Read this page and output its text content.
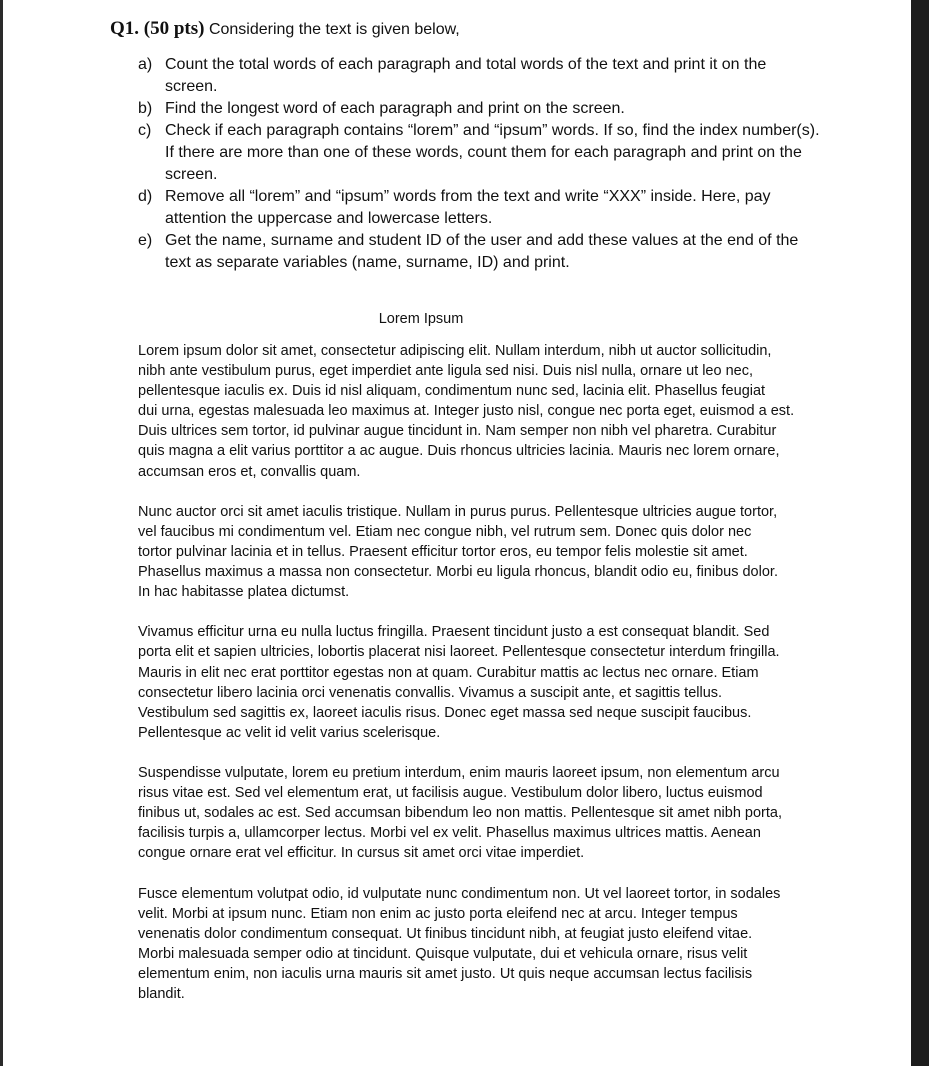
Q1. (50 pts) Considering the text is given below,
a) Count the total words of each paragraph and total words of the text and print it on the
screen.
b) Find the longest word of each paragraph and print on the screen.
c) Check if each paragraph contains “lorem” and “ipsum” words. If so, find the index number(s).
If there are more than one of these words, count them for each paragraph and print on the
screen.
d) Remove all “lorem” and “ipsum” words from the text and write “XXX” inside. Here, pay
attention the uppercase and lowercase letters.
e) Get the name, surname and student ID of the user and add these values at the end of the
text as separate variables (name, surname, ID) and print.
Lorem Ipsum
Lorem ipsum dolor sit amet, consectetur adipiscing elit. Nullam interdum, nibh ut auctor sollicitudin,
nibh ante vestibulum purus, eget imperdiet ante ligula sed nisi. Duis nisl nulla, ornare ut leo nec,
pellentesque iaculis ex. Duis id nisl aliquam, condimentum nunc sed, lacinia elit. Phasellus feugiat
dui urna, egestas malesuada leo maximus at. Integer justo nisl, congue nec porta eget, euismod a est.
Duis ultrices sem tortor, id pulvinar augue tincidunt in. Nam semper non nibh vel pharetra. Curabitur
quis magna a elit varius porttitor a ac augue. Duis rhoncus ultricies lacinia. Mauris nec lorem ornare,
accumsan eros et, convallis quam.
Nunc auctor orci sit amet iaculis tristique. Nullam in purus purus. Pellentesque ultricies augue tortor,
vel faucibus mi condimentum vel. Etiam nec congue nibh, vel rutrum sem. Donec quis dolor nec
tortor pulvinar lacinia et in tellus. Praesent efficitur tortor eros, eu tempor felis molestie sit amet.
Phasellus maximus a massa non consectetur. Morbi eu ligula rhoncus, blandit odio eu, finibus dolor.
In hac habitasse platea dictumst.
Vivamus efficitur urna eu nulla luctus fringilla. Praesent tincidunt justo a est consequat blandit. Sed
porta elit et sapien ultricies, lobortis placerat nisi laoreet. Pellentesque consectetur interdum fringilla.
Mauris in elit nec erat porttitor egestas non at quam. Curabitur mattis ac lectus nec ornare. Etiam
consectetur libero lacinia orci venenatis convallis. Vivamus a suscipit ante, et sagittis tellus.
Vestibulum sed sagittis ex, laoreet iaculis risus. Donec eget massa sed neque suscipit faucibus.
Pellentesque ac velit id velit varius scelerisque.
Suspendisse vulputate, lorem eu pretium interdum, enim mauris laoreet ipsum, non elementum arcu
risus vitae est. Sed vel elementum erat, ut facilisis augue. Vestibulum dolor libero, luctus euismod
finibus ut, sodales ac est. Sed accumsan bibendum leo non mattis. Pellentesque sit amet nibh porta,
facilisis turpis a, ullamcorper lectus. Morbi vel ex velit. Phasellus maximus ultrices mattis. Aenean
congue ornare erat vel efficitur. In cursus sit amet orci vitae imperdiet.
Fusce elementum volutpat odio, id vulputate nunc condimentum non. Ut vel laoreet tortor, in sodales
velit. Morbi at ipsum nunc. Etiam non enim ac justo porta eleifend nec at arcu. Integer tempus
venenatis dolor condimentum consequat. Ut finibus tincidunt nibh, at feugiat justo eleifend vitae.
Morbi malesuada semper odio at tincidunt. Quisque vulputate, dui et vehicula ornare, risus velit
elementum enim, non iaculis urna mauris sit amet justo. Ut quis neque accumsan lectus facilisis
blandit.
